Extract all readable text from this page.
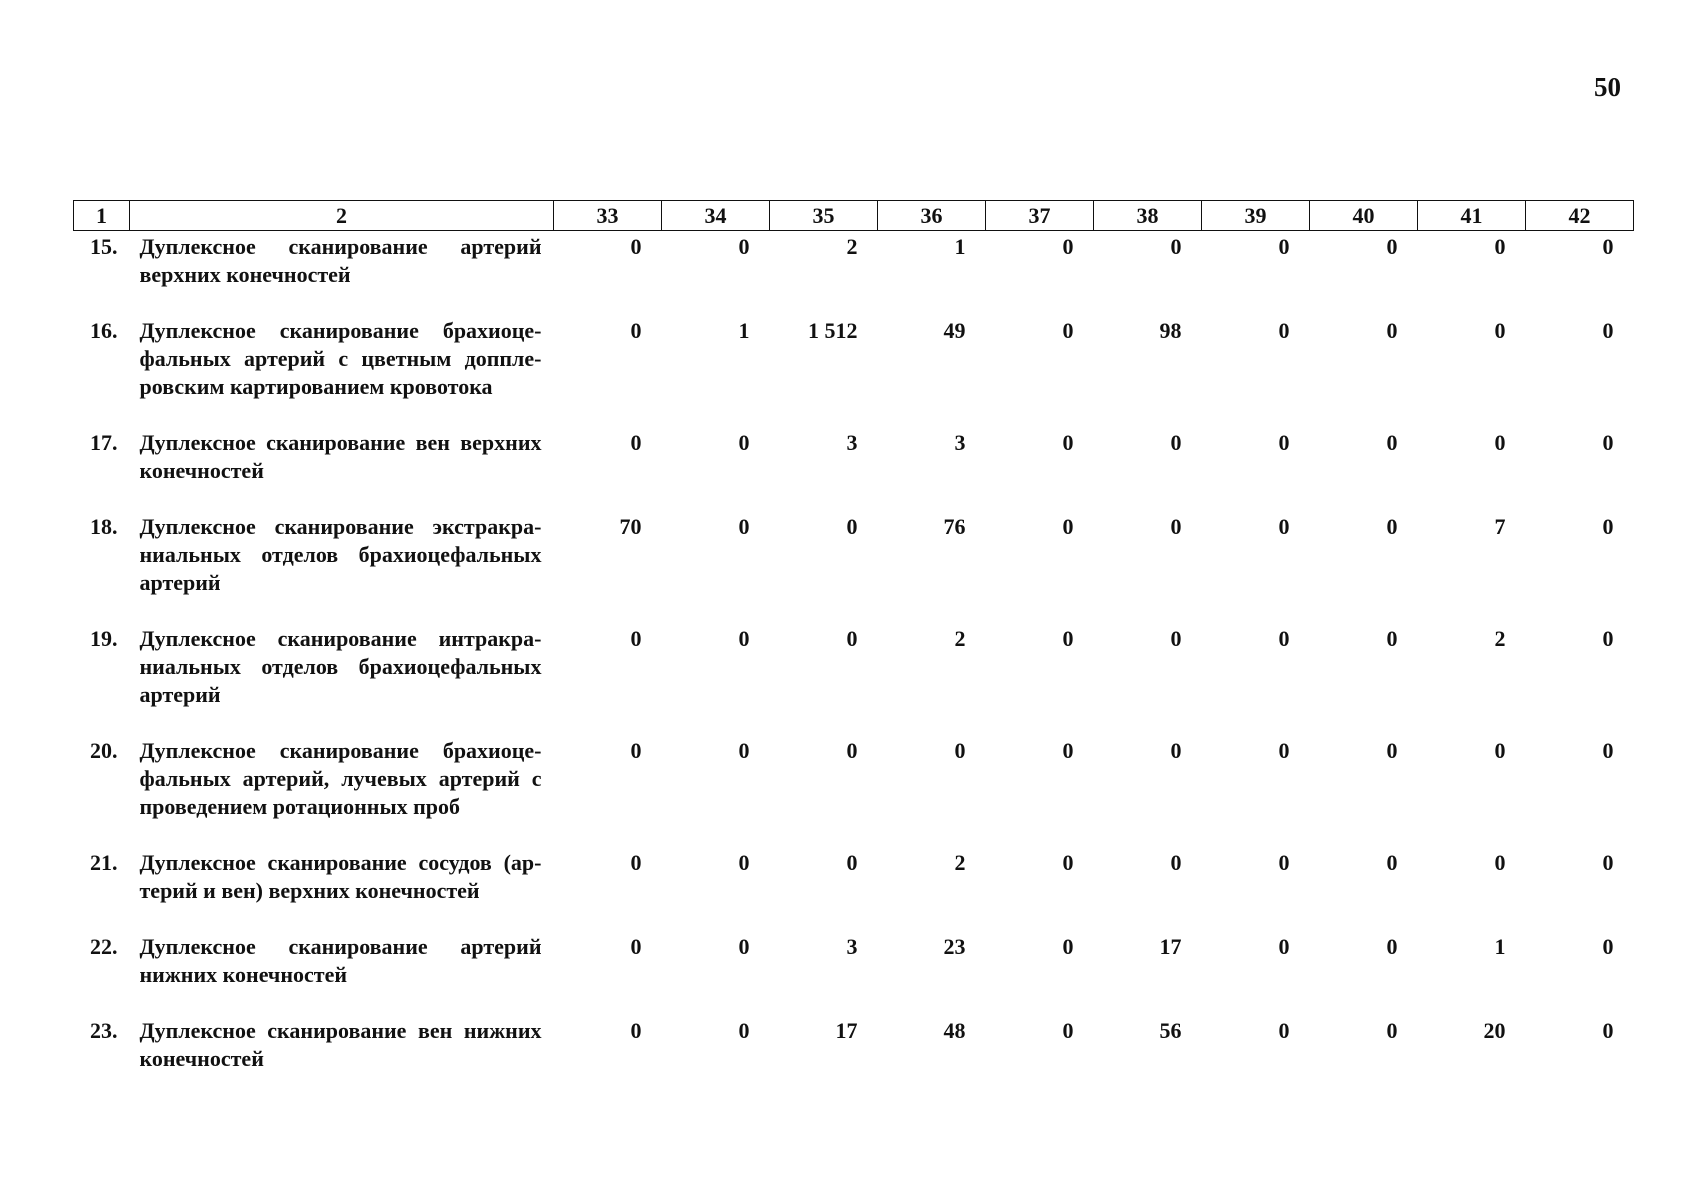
50
1	2	33	34	35	36	37	38	39	40	41	42
15.	Дуплексное сканирование артерий верхних конечностей	0	0	2	1	0	0	0	0	0	0
16.	Дуплексное сканирование брахиоцефальных артерий с цветным допплеровским картированием кровотока	0	1	1 512	49	0	98	0	0	0	0
17.	Дуплексное сканирование вен верхних конечностей	0	0	3	3	0	0	0	0	0	0
18.	Дуплексное сканирование экстракраниальных отделов брахиоцефальных артерий	70	0	0	76	0	0	0	0	7	0
19.	Дуплексное сканирование интракраниальных отделов брахиоцефальных артерий	0	0	0	2	0	0	0	0	2	0
20.	Дуплексное сканирование брахиоцефальных артерий, лучевых артерий с проведением ротационных проб	0	0	0	0	0	0	0	0	0	0
21.	Дуплексное сканирование сосудов (артерий и вен) верхних конечностей	0	0	0	2	0	0	0	0	0	0
22.	Дуплексное сканирование артерий нижних конечностей	0	0	3	23	0	17	0	0	1	0
23.	Дуплексное сканирование вен нижних конечностей	0	0	17	48	0	56	0	0	20	0
